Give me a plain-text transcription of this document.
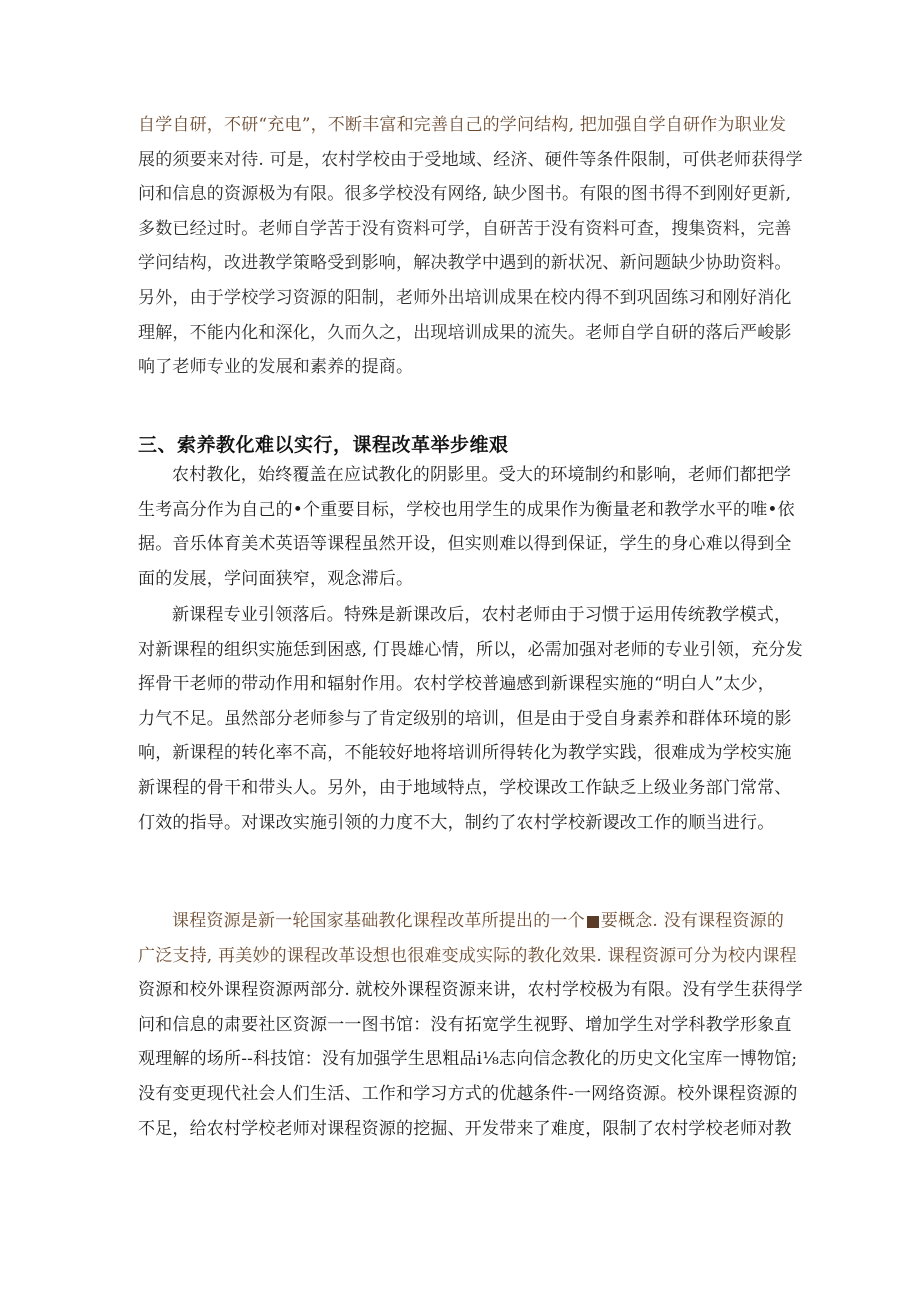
自学自研，不研“充电”，不断丰富和完善自己的学问结构, 把加强自学自研作为职业发
展的须要来对待. 可是，农村学校由于受地域、经济、硬件等条件限制，可供老师获得学
问和信息的资源极为有限。很多学校没有网络, 缺少图书。有限的图书得不到刚好更新,
多数已经过时。老师自学苦于没有资料可学，自研苦于没有资料可查，搜集资料，完善
学问结构，改进教学策略受到影响，解决教学中遇到的新状况、新问题缺少协助资料。
另外，由于学校学习资源的阳制，老师外出培训成果在校内得不到巩固练习和刚好消化
理解，不能内化和深化，久而久之，出现培训成果的流失。老师自学自研的落后严峻影
响了老师专业的发展和素养的提商。
三、索养教化难以实行，课程改革举步维艰
农村教化，始终覆盖在应试教化的阴影里。受大的环境制约和影响，老师们都把学
生考高分作为自己的•个重要目标，学校也用学生的成果作为衡量老和教学水平的唯•依
据。音乐体育美术英语等课程虽然开设，但实则难以得到保证，学生的身心难以得到全
面的发展，学问面狭窄，观念滞后。
新课程专业引领落后。特殊是新课改后，农村老师由于习惯于运用传统教学模式，
对新课程的组织实施恁到困惑, 仃畏雄心情，所以，必需加强对老师的专业引领，充分发
挥骨干老师的带动作用和辐射作用。农村学校普遍感到新课程实施的“明白人”太少，
力气不足。虽然部分老师参与了肯定级别的培训，但是由于受自身素养和群体环境的影
响，新课程的转化率不高，不能较好地将培训所得转化为教学实践，很难成为学校实施
新课程的骨干和带头人。另外，由于地域特点，学校课改工作缺乏上级业务部门常常、
仃效的指导。对课改实施引领的力度不大，制约了农村学校新谡改工作的顺当进行。
课程资源是新一轮国家基础教化课程改革所提出的一个 要概念. 没有课程资源的
广泛支持, 再美妙的课程改革设想也很难变成实际的教化效果. 课程资源可分为校内课程
资源和校外课程资源两部分. 就校外课程资源来讲，农村学校极为有限。没有学生获得学
问和信息的肃要社区资源一一图书馆：没有拓宽学生视野、增加学生对学科教学形象直
观理解的场所--科技馆：没有加强学生思粗品i⅛志向信念教化的历史文化宝库一博物馆;
没有变更现代社会人们生活、工作和学习方式的优越条件-一网络资源。校外课程资源的
不足，给农村学校老师对课程资源的挖掘、开发带来了难度，限制了农村学校老师对教
